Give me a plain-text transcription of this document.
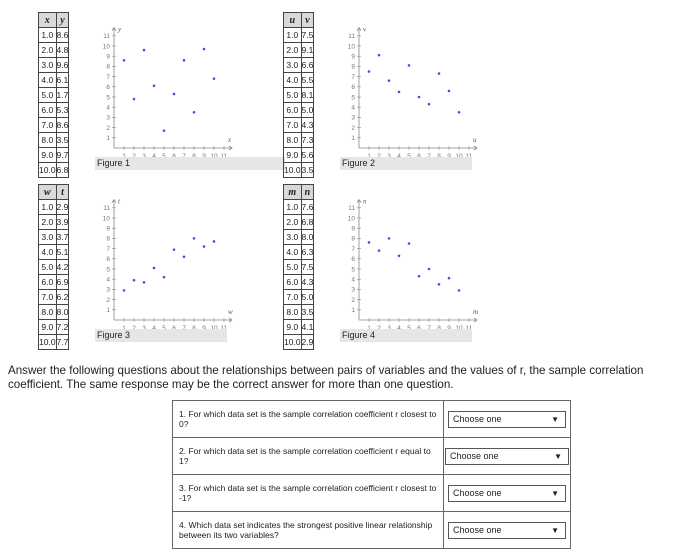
x	y
1.0	8.6
2.0	4.8
3.0	9.6
4.0	6.1
5.0	1.7
6.0	5.3
7.0	8.6
8.0	3.5
9.0	9.7
10.0	6.8
1
1
2
2
3
3
4
4
5
5
6
6
7
7
8
8
9
9
10
10
11
11
x
y
Figure 1
u	v
1.0	7.5
2.0	9.1
3.0	6.6
4.0	5.5
5.0	8.1
6.0	5.0
7.0	4.3
8.0	7.3
9.0	5.6
10.0	3.5
1
1
2
2
3
3
4
4
5
5
6
6
7
7
8
8
9
9
10
10
11
11
u
v
Figure 2
w	t
1.0	2.9
2.0	3.9
3.0	3.7
4.0	5.1
5.0	4.2
6.0	6.9
7.0	6.2
8.0	8.0
9.0	7.2
10.0	7.7
1
1
2
2
3
3
4
4
5
5
6
6
7
7
8
8
9
9
10
10
11
11
w
t
Figure 3
m	n
1.0	7.6
2.0	6.8
3.0	8.0
4.0	6.3
5.0	7.5
6.0	4.3
7.0	5.0
8.0	3.5
9.0	4.1
10.0	2.9
1
1
2
2
3
3
4
4
5
5
6
6
7
7
8
8
9
9
10
10
11
11
m
n
Figure 4
Answer the following questions about the relationships between pairs of variables and the values of r, the sample correlation coefficient. The same response may be the correct answer for more than one question.
1. For which data set is the sample correlation coefficient r closest to 0?	Choose one ▼

2. For which data set is the sample correlation coefficient r equal to 1?	Choose one ▼

3. For which data set is the sample correlation coefficient r closest to -1?	Choose one ▼

4. Which data set indicates the strongest positive linear relationship between its two variables?	Choose one ▼
